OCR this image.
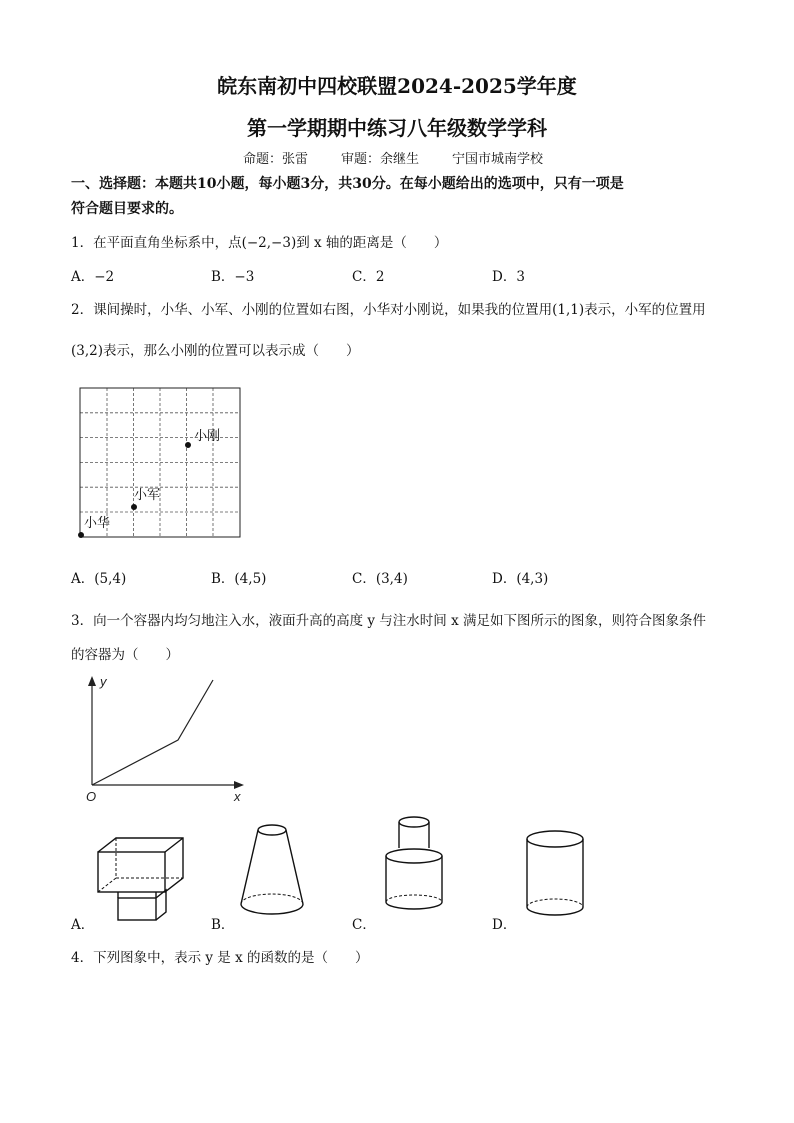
皖东南初中四校联盟2024-2025学年度
第一学期期中练习八年级数学学科
命题：张雷	审题：余继生	宁国市城南学校
一、选择题：本题共10小题，每小题3分，共30分。在每小题给出的选项中，只有一项是
符合题目要求的。
1．在平面直角坐标系中，点(−2,−3)到 x 轴的距离是（　　）
A．−2	B．−3	C．2	D．3
2．课间操时，小华、小军、小刚的位置如右图，小华对小刚说，如果我的位置用(1,1)表示，小军的位置用
(3,2)表示，那么小刚的位置可以表示成（　　）
小刚
小军
小华
A．(5,4)	B．(4,5)	C．(3,4)	D．(4,3)
3．向一个容器内均匀地注入水，液面升高的高度 y 与注水时间 x 满足如下图所示的图象，则符合图象条件
的容器为（　　）
y
x
O
A．	B．	C．	D．
4．下列图象中，表示 y 是 x 的函数的是（　　）
